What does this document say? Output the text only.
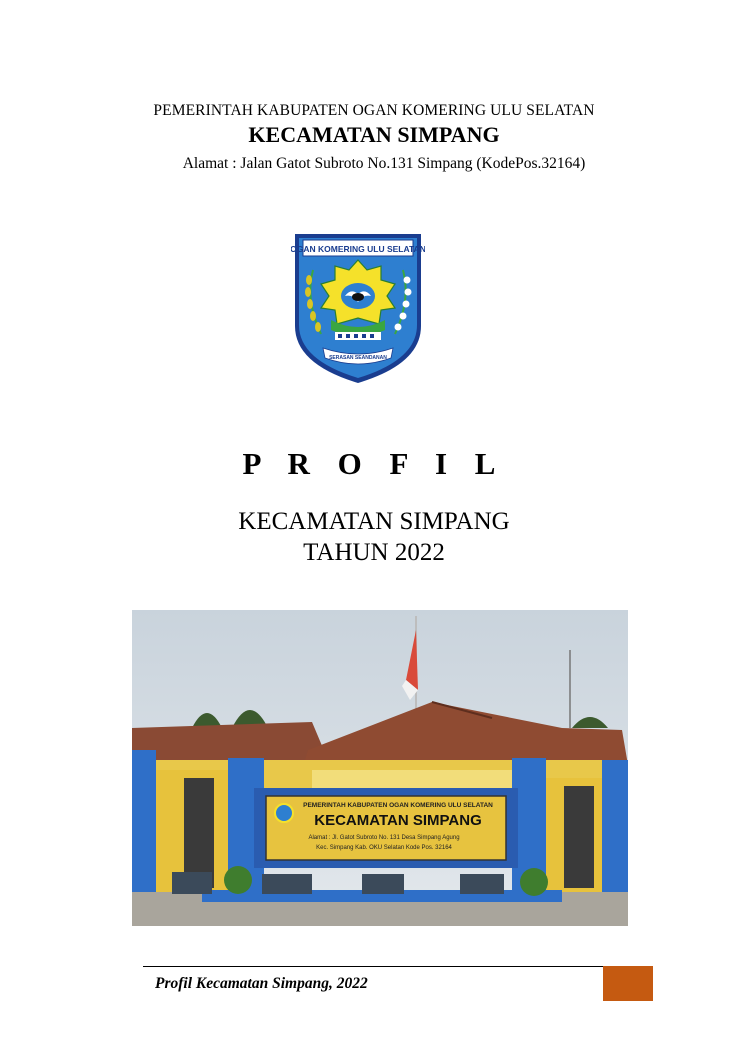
PEMERINTAH KABUPATEN OGAN KOMERING ULU SELATAN
KECAMATAN SIMPANG
Alamat : Jalan Gatot Subroto No.131 Simpang (KodePos.32164)
OGAN KOMERING ULU SELATAN
SERASAN SEANDANAN
P R O F I L
KECAMATAN SIMPANG
TAHUN 2022
PEMERINTAH KABUPATEN OGAN KOMERING ULU SELATAN
KECAMATAN SIMPANG
Alamat : Jl. Gatot Subroto No. 131 Desa Simpang Agung
Kec. Simpang Kab. OKU Selatan Kode Pos. 32164
Profil Kecamatan Simpang, 2022
